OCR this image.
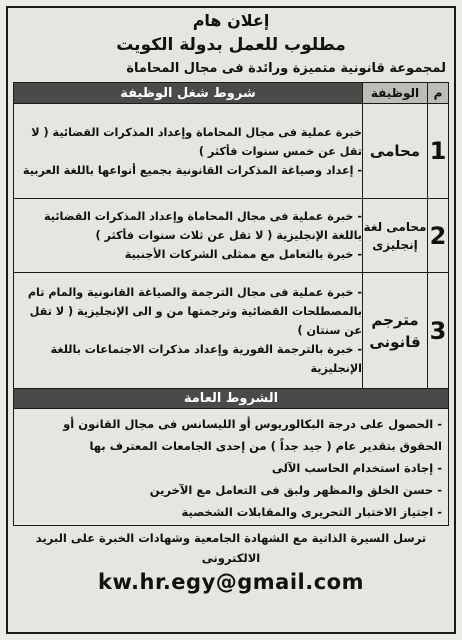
إعلان هام
مطلوب للعمل بدولة الكويت
لمجموعة قانونية متميزة ورائدة فى مجال المحاماة
م	الوظيفة	شروط شغل الوظيفة
1	محامى	خبرة عملية فى مجال المحاماة وإعداد المذكرات القضائية ( لا تقل عن خمس سنوات فأكثر )
- إعداد وصياغة المذكرات القانونية بجميع أنواعها باللغة العربية

2	محامى لغة إنجليزى	- خبرة عملية فى مجال المحاماة وإعداد المذكرات القضائية باللغة الإنجليزية ( لا تقل عن ثلاث سنوات فأكثر )
- خبرة بالتعامل مع ممثلى الشركات الأجنبية

3	مترجم قانونى	- خبرة عملية فى مجال الترجمة والصياغة القانونية والمام تام بالمصطلحات القضائية وترجمتها من و الى الإنجليزية ( لا تقل عن سنتان )
- خبرة بالترجمة الفورية وإعداد مذكرات الاجتماعات باللغة الإنجليزية
الشروط العامة
- الحصول على درجة البكالوريوس أو الليسانس فى مجال القانون أو الحقوق بتقدير عام ( جيد جداً ) من إحدى الجامعات المعترف بها
- إجادة استخدام الحاسب الآلى
- حسن الخلق والمظهر ولبق فى التعامل مع الآخرين
- اجتياز الاختبار التحريرى والمقابلات الشخصية
ترسل السيرة الذاتية مع الشهادة الجامعية وشهادات الخبرة على البريد الالكترونى
kw.hr.egy@gmail.com
